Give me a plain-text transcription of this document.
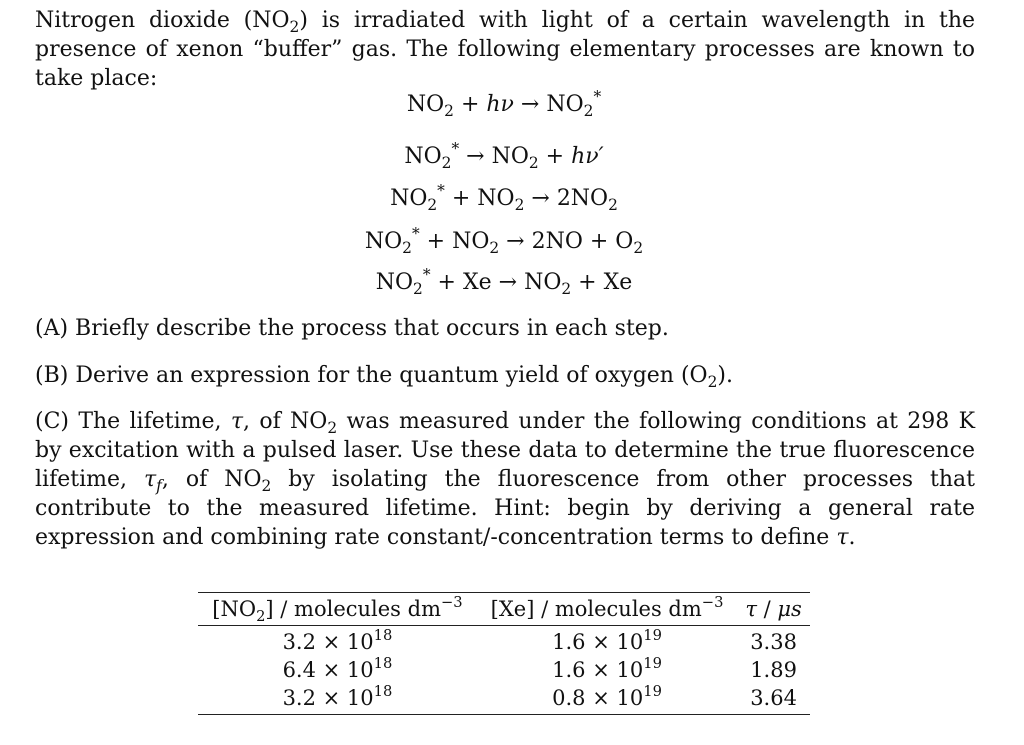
Nitrogen dioxide $(NO_2)$ is irradiated with light of a certain wavelength in the presence of xenon “buffer” gas. The following elementary processes are known to take place:

$NO_2 + h\nu \to NO_2^*$
$NO_2^* \to NO_2 + h\nu'$
$NO_2^* + NO_2 \to 2NO_2$
$NO_2^* + NO_2 \to 2NO + O_2$
$NO_2^* + Xe \to NO_2 + Xe$

(A) Briefly describe the process that occurs in each step.

(B) Derive an expression for the quantum yield of oxygen $(O_2)$.

(C) The lifetime, τ, of $NO_2$ was measured under the following conditions at 298 K by excitation with a pulsed laser. Use these data to determine the true fluorescence lifetime, $\tau_f$, of $NO_2$ by isolating the fluorescence from other processes that contribute to the measured lifetime. Hint: begin by deriving a general rate expression and combining rate constant/-concentration terms to define τ.

$[NO_2]$ / molecules $dm^{-3}$	[Xe] / molecules $dm^{-3}$	τ / μs
$3.2 \times 10^{18}$	$1.6 \times 10^{19}$	3.38
$6.4 \times 10^{18}$	$1.6 \times 10^{19}$	1.89
$3.2 \times 10^{18}$	$0.8 \times 10^{19}$	3.64
